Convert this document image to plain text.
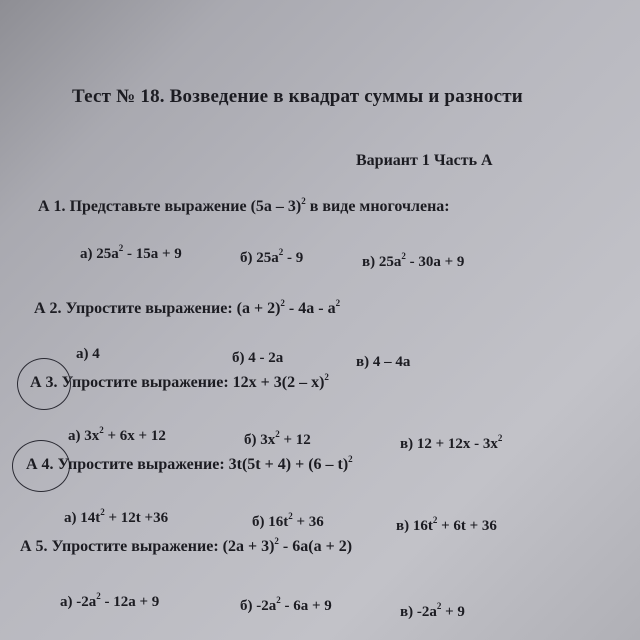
Тест № 18. Возведение в квадрат суммы и разности
Вариант 1 Часть А
А 1. Представьте выражение (5а – 3)$^2$ в виде многочлена:
а) $25а^2 - 15а + 9$	б) $25а^2 - 9$	в) $25а^2 - 30а + 9$
А 2. Упростите выражение: $(а + 2)^2 - 4а - а^2$
а) 4	б) 4 - 2а	в) 4 – 4а
А 3. Упростите выражение: 12х + 3(2 – х)$^2$
а) $3х^2 + 6х + 12$	б) $3х^2 + 12$	в) $12 + 12х - 3х^2$
А 4. Упростите выражение: 3t(5t + 4) + (6 – t)$^2$
а) $14t^2 + 12t +36$	б) $16t^2 + 36$	в) $16t^2 + 6t + 36$
А 5. Упростите выражение: $(2а + 3)^2 - 6а(а + 2)$
а) $-2а^2 - 12а + 9$	б) $-2а^2 - 6а + 9$	в) $-2а^2 + 9$
